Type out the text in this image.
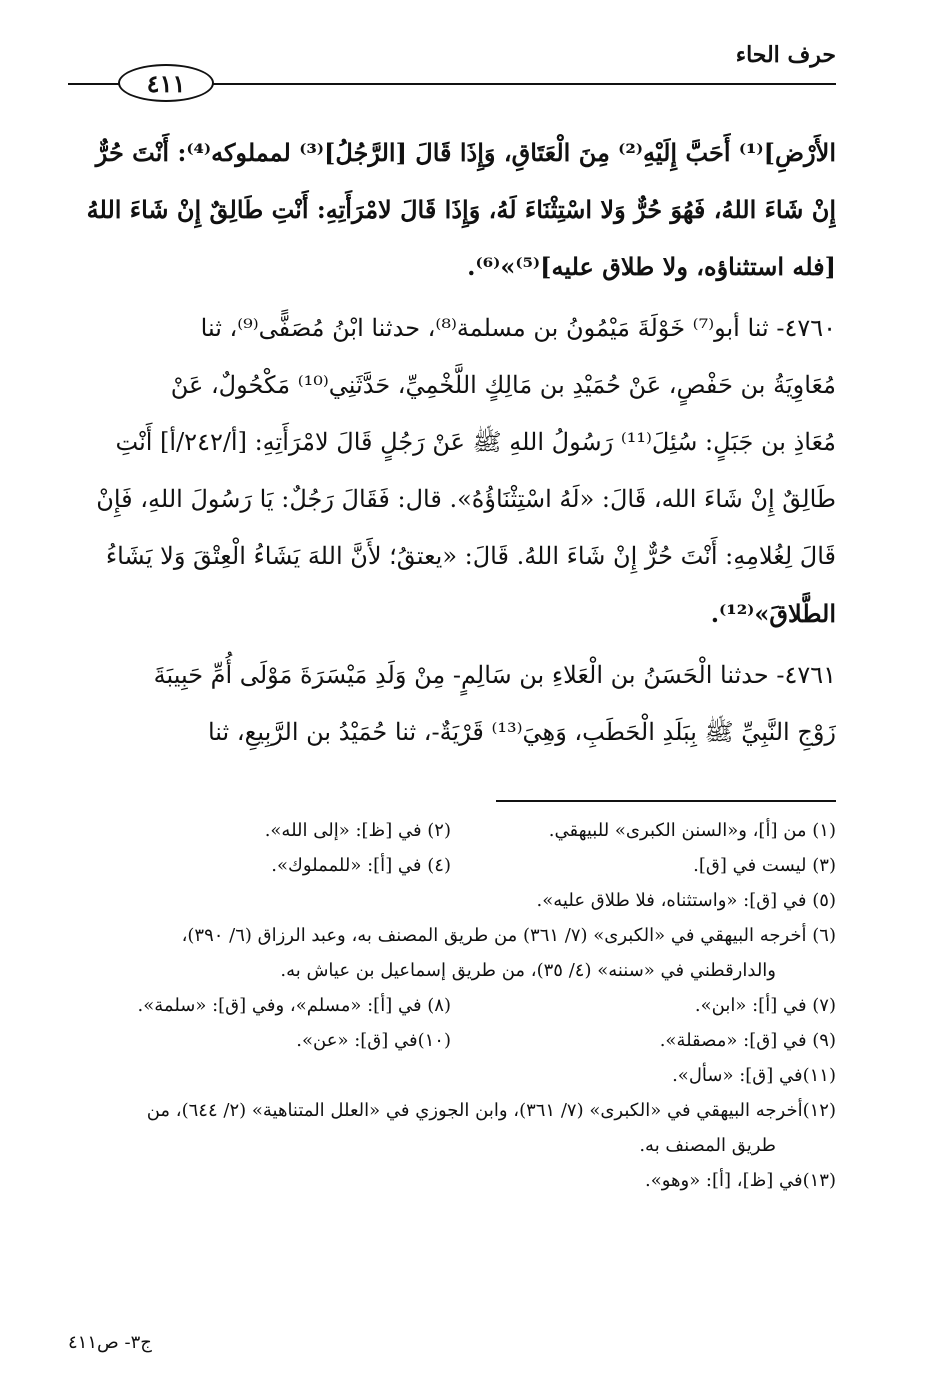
حرف الحاء
٤١١
الأَرْضِ]⁽¹⁾ أَحَبَّ إِلَيْهِ⁽²⁾ مِنَ الْعَتَاقِ، وَإِذَا قَالَ [الرَّجُلُ]⁽³⁾ لمملوكه⁽⁴⁾: أَنْتَ حُرٌّ
إِنْ شَاءَ اللهُ، فَهُوَ حُرٌّ وَلا اسْتِثْنَاءَ لَهُ، وَإِذَا قَالَ لامْرَأَتِهِ: أَنْتِ طَالِقٌ إِنْ شَاءَ اللهُ
[فله استثناؤه، ولا طلاق عليه]⁽⁵⁾»⁽⁶⁾.
٤٧٦٠- ثنا أبو⁽⁷⁾ خَوْلَةَ مَيْمُونُ بن مسلمة⁽⁸⁾، حدثنا ابْنُ مُصَفًّى⁽⁹⁾، ثنا
مُعَاوِيَةُ بن حَفْصٍ، عَنْ حُمَيْدِ بن مَالِكٍ اللَّخْمِيِّ، حَدَّثَنِي⁽¹⁰⁾ مَكْحُولٌ، عَنْ
مُعَاذِ بن جَبَلٍ: سُئِلَ⁽¹¹⁾ رَسُولُ اللهِ ﷺ عَنْ رَجُلٍ قَالَ لامْرَأَتِهِ: [أ/٢٤٢/أ] أَنْتِ
طَالِقٌ إِنْ شَاءَ الله، قَالَ: «لَهُ اسْتِثْنَاؤُهُ». قال: فَقَالَ رَجُلٌ: يَا رَسُولَ اللهِ، فَإِنْ
قَالَ لِغُلامِهِ: أَنْتَ حُرٌّ إِنْ شَاءَ اللهُ. قَالَ: «يعتقُ؛ لأَنَّ اللهَ يَشَاءُ الْعِتْقَ وَلا يَشَاءُ
الطَّلاقَ»⁽¹²⁾.
٤٧٦١- حدثنا الْحَسَنُ بن الْعَلاءِ بن سَالِمٍ- مِنْ وَلَدِ مَيْسَرَةَ مَوْلَى أُمِّ حَبِيبَةَ
زَوْجِ النَّبِيِّ ﷺ بِبَلَدِ الْحَطَبِ، وَهِيَ⁽¹³⁾ قَرْيَةٌ-، ثنا حُمَيْدُ بن الرَّبِيعِ، ثنا
(١) من [أ]، و«السنن الكبرى» للبيهقي.
(٢) في [ظ]: «إلى الله».
(٣) ليست في [ق].
(٤) في [أ]: «للمملوك».
(٥) في [ق]: «واستثناه، فلا طلاق عليه».
(٦) أخرجه البيهقي في «الكبرى» (٧/ ٣٦١) من طريق المصنف به، وعبد الرزاق (٦/ ٣٩٠)،
والدارقطني في «سننه» (٤/ ٣٥)، من طريق إسماعيل بن عياش به.
(٧) في [أ]: «ابن».
(٨) في [أ]: «مسلم»، وفي [ق]: «سلمة».
(٩) في [ق]: «مصقلة».
(١٠)في [ق]: «عن».
(١١)في [ق]: «سأل».
(١٢)أخرجه البيهقي في «الكبرى» (٧/ ٣٦١)، وابن الجوزي في «العلل المتناهية» (٢/ ٦٤٤)، من
طريق المصنف به.
(١٣)في [ظ]، [أ]: «وهو».
ج٣- ص٤١١
